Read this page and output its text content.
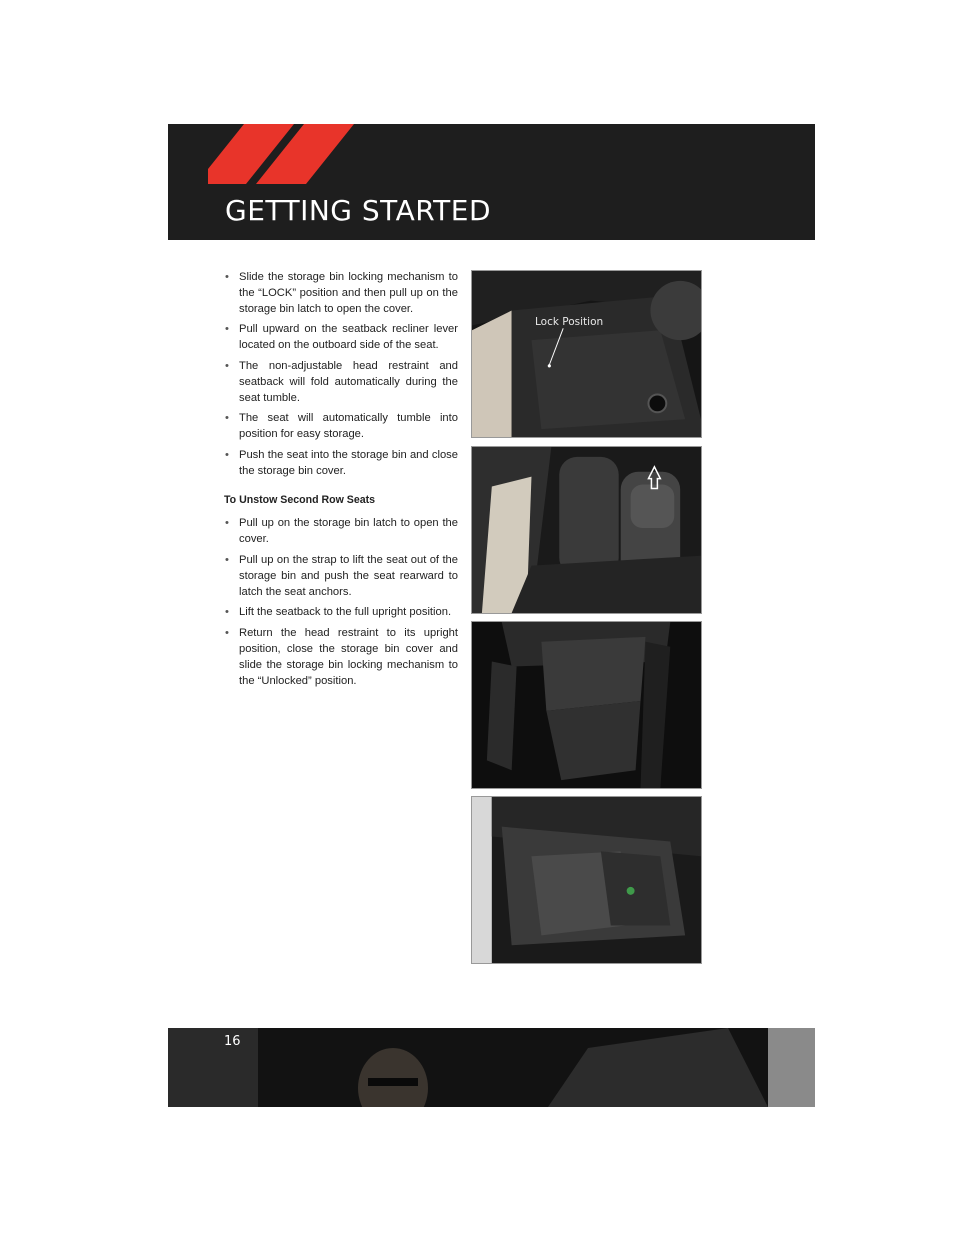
GETTING STARTED
• Slide the storage bin locking mechanism to the “LOCK” position and then pull up on the storage bin latch to open the cover.
• Pull upward on the seatback recliner lever located on the outboard side of the seat.
• The non-adjustable head restraint and seatback will fold automatically during the seat tumble.
• The seat will automatically tumble into position for easy storage.
• Push the seat into the storage bin and close the storage bin cover.
To Unstow Second Row Seats
• Pull up on the storage bin latch to open the cover.
• Pull up on the strap to lift the seat out of the storage bin and push the seat rearward to latch the seat anchors.
• Lift the seatback to the full upright position.
• Return the head restraint to its upright position, close the storage bin cover and slide the storage bin locking mechanism to the “Unlocked” position.
Lock Position
16
